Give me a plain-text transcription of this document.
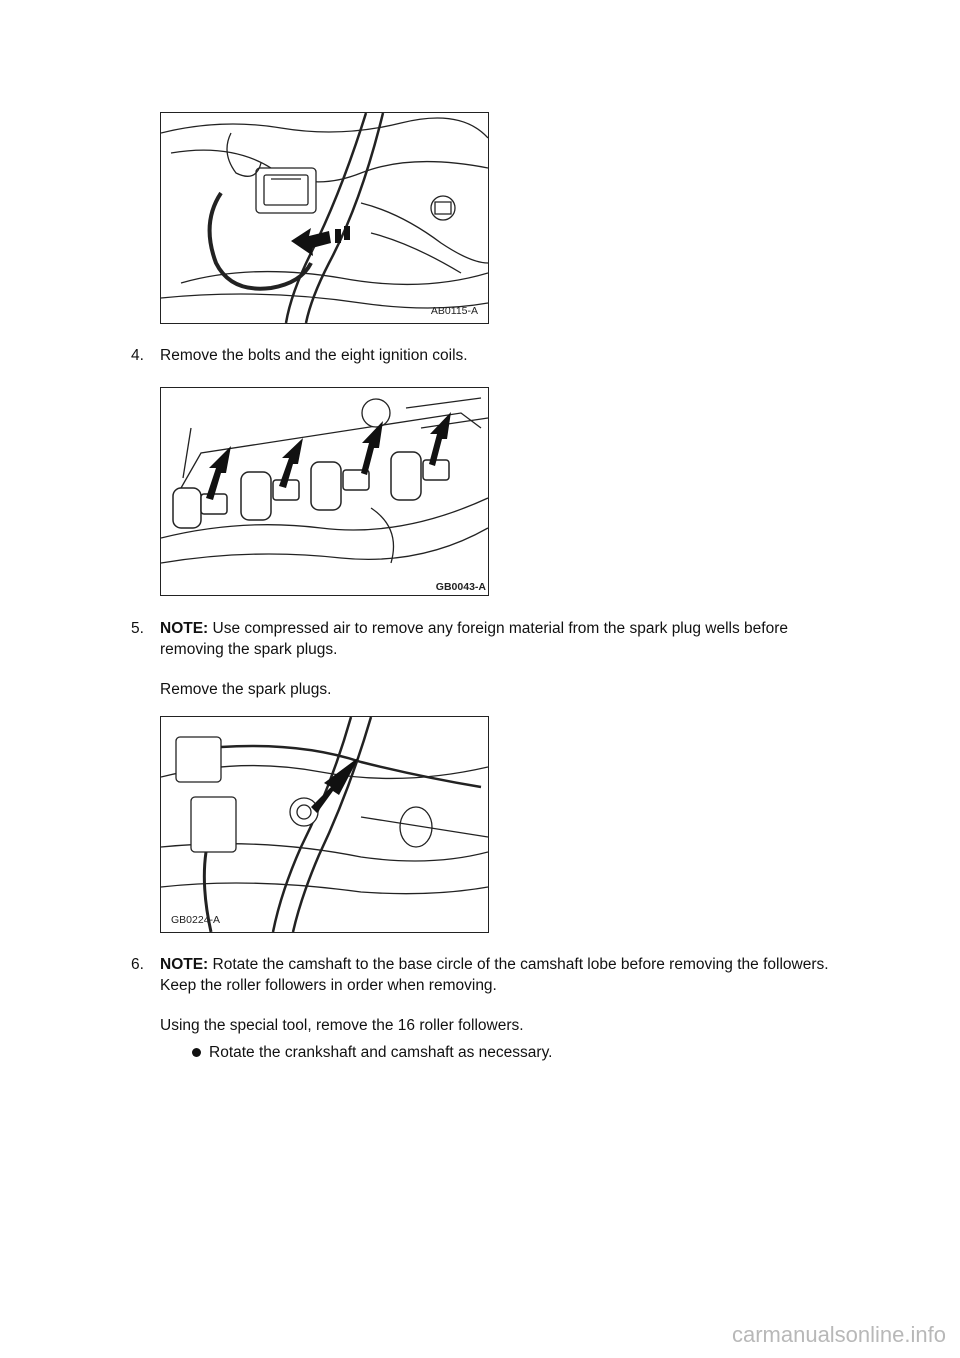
AB0115-A
4. Remove the bolts and the eight ignition coils.
GB0043-A
5. NOTE: Use compressed air to remove any foreign material from the spark plug wells before removing the spark plugs.
Remove the spark plugs.
GB0224-A
6. NOTE: Rotate the camshaft to the base circle of the camshaft lobe before removing the followers. Keep the roller followers in order when removing.
Using the special tool, remove the 16 roller followers.
Rotate the crankshaft and camshaft as necessary.
carmanualsonline.info
